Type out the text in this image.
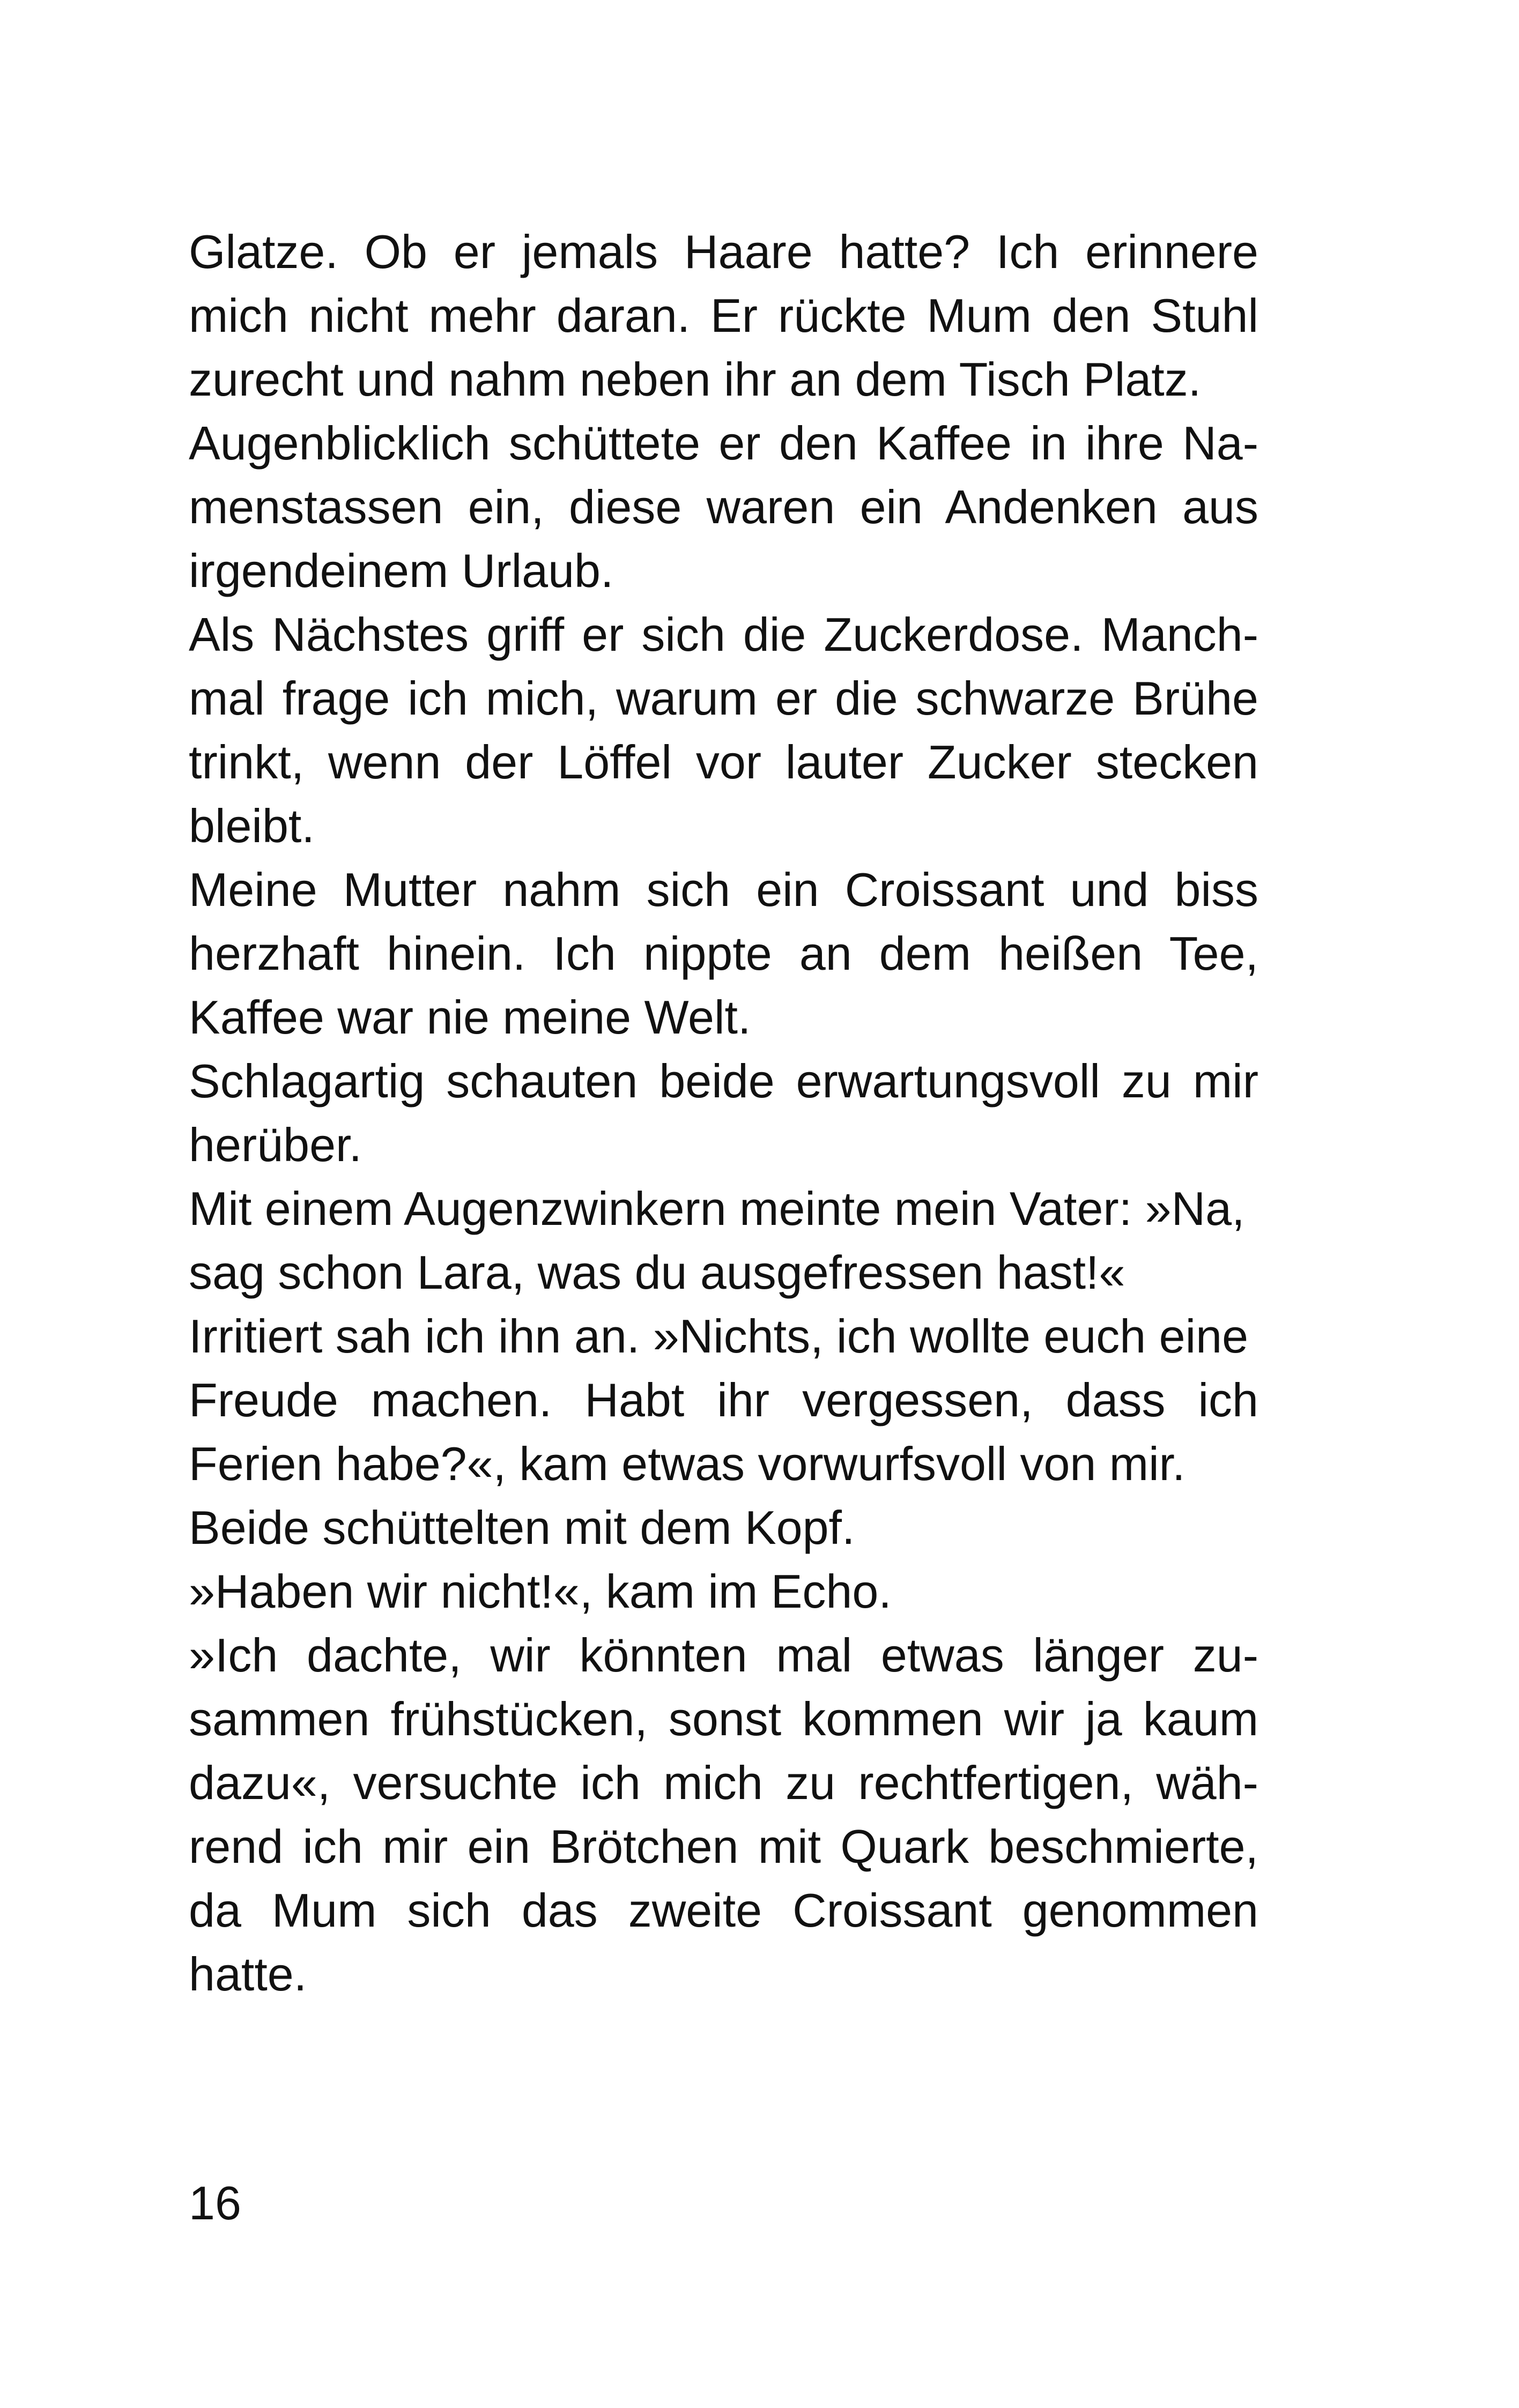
Glatze. Ob er jemals Haare hatte? Ich erinnere
mich nicht mehr daran. Er rückte Mum den Stuhl
zurecht und nahm neben ihr an dem Tisch Platz.
Augenblicklich schüttete er den Kaffee in ihre Na-
menstassen ein, diese waren ein Andenken aus
irgendeinem Urlaub.
Als Nächstes griff er sich die Zuckerdose. Manch-
mal frage ich mich, warum er die schwarze Brühe
trinkt, wenn der Löffel vor lauter Zucker stecken
bleibt.
Meine Mutter nahm sich ein Croissant und biss
herzhaft hinein. Ich nippte an dem heißen Tee,
Kaffee war nie meine Welt.
Schlagartig schauten beide erwartungsvoll zu mir
herüber.
Mit einem Augenzwinkern meinte mein Vater: »Na,
sag schon Lara, was du ausgefressen hast!«
Irritiert sah ich ihn an. »Nichts, ich wollte euch eine
Freude machen. Habt ihr vergessen, dass ich
Ferien habe?«, kam etwas vorwurfsvoll von mir.
Beide schüttelten mit dem Kopf.
»Haben wir nicht!«, kam im Echo.
»Ich dachte, wir könnten mal etwas länger zu-
sammen frühstücken, sonst kommen wir ja kaum
dazu«, versuchte ich mich zu rechtfertigen, wäh-
rend ich mir ein Brötchen mit Quark beschmierte,
da Mum sich das zweite Croissant genommen
hatte.
16
